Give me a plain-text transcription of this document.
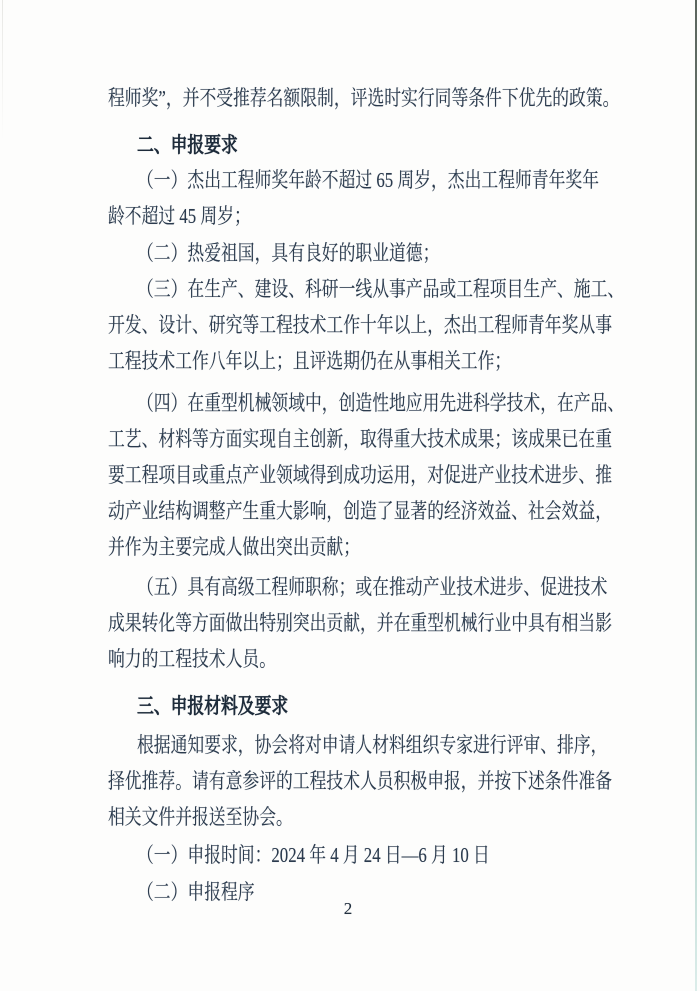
程师奖”，并不受推荐名额限制，评选时实行同等条件下优先的政策。
二、申报要求
（一）杰出工程师奖年龄不超过 65 周岁，杰出工程师青年奖年
龄不超过 45 周岁；
（二）热爱祖国，具有良好的职业道德；
（三）在生产、建设、科研一线从事产品或工程项目生产、施工、
开发、设计、研究等工程技术工作十年以上，杰出工程师青年奖从事
工程技术工作八年以上；且评选期仍在从事相关工作；
（四）在重型机械领域中，创造性地应用先进科学技术，在产品、
工艺、材料等方面实现自主创新，取得重大技术成果；该成果已在重
要工程项目或重点产业领域得到成功运用，对促进产业技术进步、推
动产业结构调整产生重大影响，创造了显著的经济效益、社会效益，
并作为主要完成人做出突出贡献；
（五）具有高级工程师职称；或在推动产业技术进步、促进技术
成果转化等方面做出特别突出贡献，并在重型机械行业中具有相当影
响力的工程技术人员。
三、申报材料及要求
根据通知要求，协会将对申请人材料组织专家进行评审、排序，
择优推荐。请有意参评的工程技术人员积极申报，并按下述条件准备
相关文件并报送至协会。
（一）申报时间：2024 年 4 月 24 日—6 月 10 日
（二）申报程序
2
